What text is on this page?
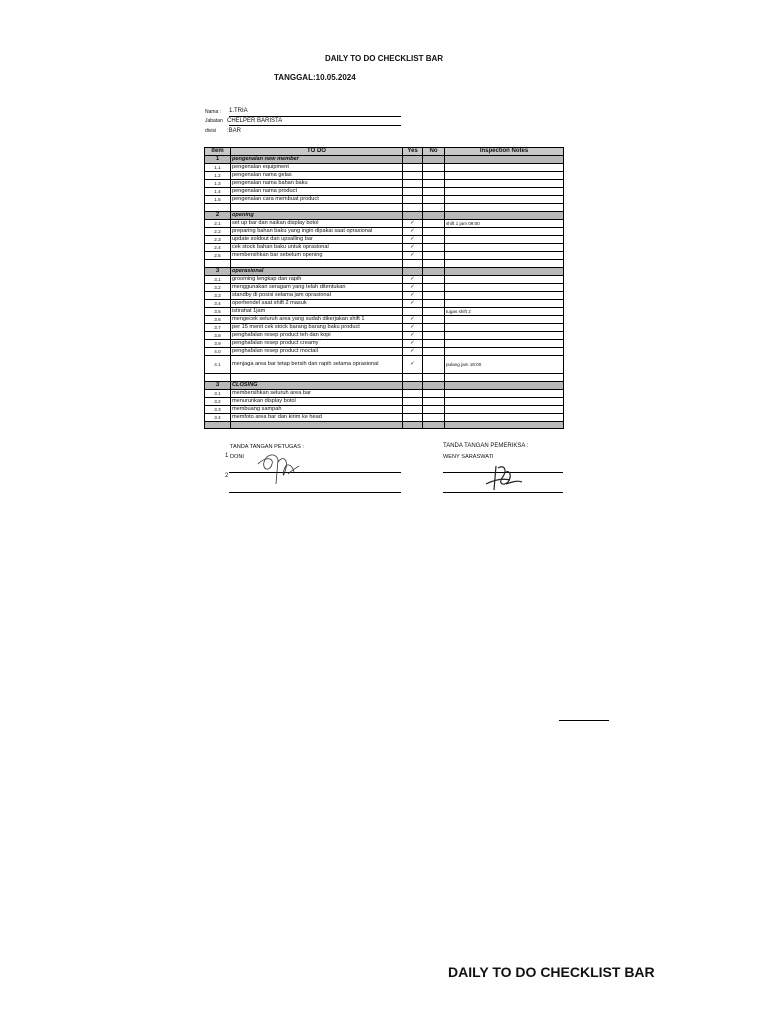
DAILY TO DO CHECKLIST BAR
TANGGAL:10.05.2024
Nama :	1.TRIA
Jabatan CHELPER BARISTA
divisi	:BAR
Item	TO DO	Yes	No	Inspection Notes
1	pengenalan new member			
1.1	pengenalan equipment			
1.2	pengenalan nama gelas			
1.3	pengenalan nama bahan baku			
1.4	pengenalan nama product			
1.5	pengenalan cara membuat product			

2	opening			
2.1	set up bar dan naikan display botol	✓		shift 1 jam 09:00
2.2	preparing bahan baku yang ingin dipakai saat oprasional	✓		
2.3	update soldout dan upsalling bar	✓		
2.4	cek stock bahan baku untuk oprasional	✓		
2.5	membersihkan bar sebelum opening	✓		

3	operasional			
3.1	grooming lengkap dan rapih	✓		
3.2	menggunakan seragam yang telah ditentukan	✓		
3.3	standby di posisi selama jam oprasional	✓		
3.4	operhendel saat shift 2 masuk	✓		
3.5	istirahat 1jam			tugas shift 2
3.6	mengecek seluruh area yang sudah dikerjakan shift 1	✓		
3.7	per 15 menit cek stock barang barang baku product	✓		
3.8	penghafalan resep product teh dan kopi	✓		
3.9	penghafalan resep product creamy	✓		
4.0	penghafalan resep product moctail	✓		
4.1	menjaga area bar tetap bersih dan rapih selama oprasional	✓		pulang jam 18:00

3	CLOSING			
3.1	membersihkan seluruh area bar			
3.2	menurunkan display botol			
3.3	membuang sampah			
3.4	memfoto area bar dan kirim ke head			

TANDA TANGAN PETUGAS :
1 DONI
2
TANDA TANGAN PEMERIKSA :
WENY SARASWATI
DAILY TO DO CHECKLIST BAR
